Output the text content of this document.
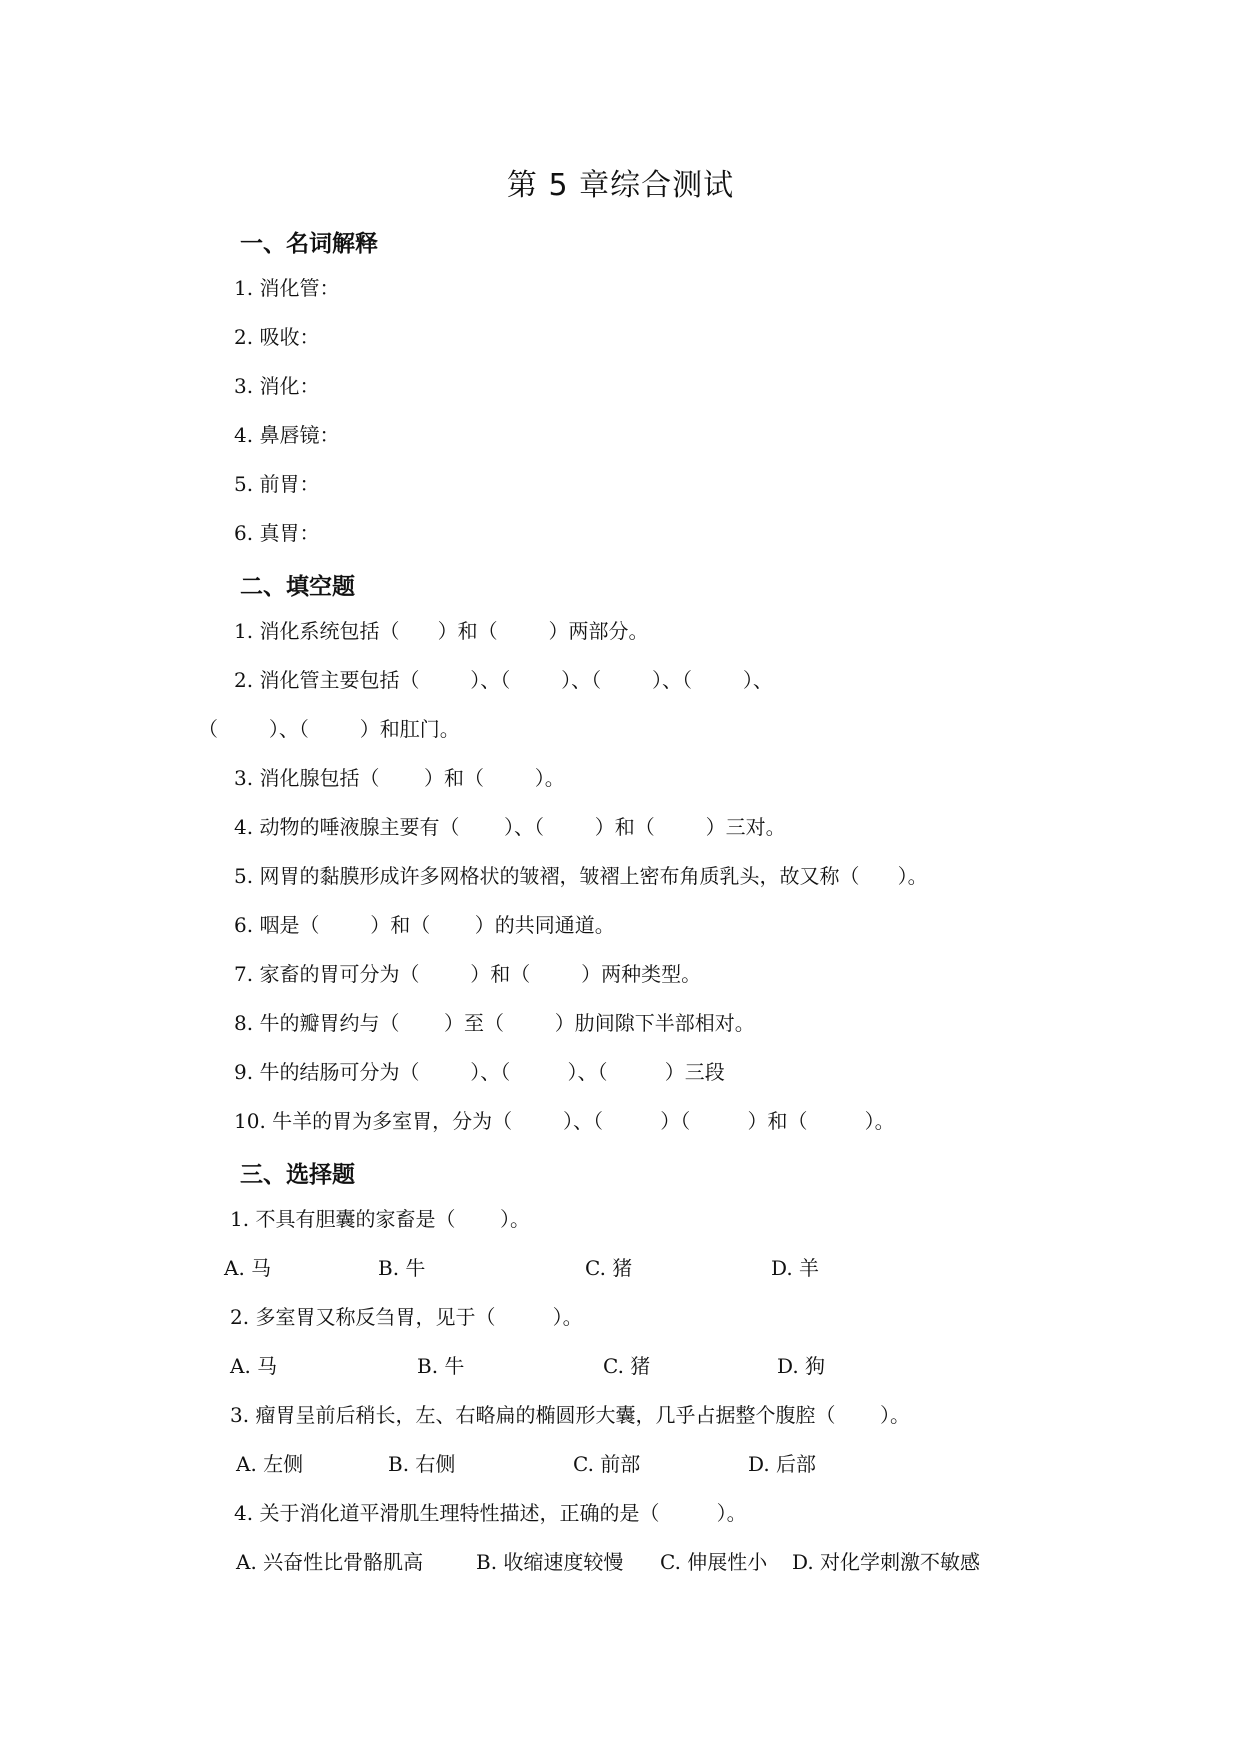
第 5 章综合测试
一、名词解释
1. 消化管：
2. 吸收：
3. 消化：
4. 鼻唇镜：
5. 前胃：
6. 真胃：
二、填空题
1. 消化系统包括（      ）和（        ）两部分。
2. 消化管主要包括（        ）、（        ）、（        ）、（        ）、
（        ）、（        ）和肛门。
3. 消化腺包括（       ）和（        ）。
4. 动物的唾液腺主要有（       ）、（        ）和（        ）三对。
5. 网胃的黏膜形成许多网格状的皱褶，皱褶上密布角质乳头，故又称（      ）。
6. 咽是（        ）和（       ）的共同通道。
7. 家畜的胃可分为（        ）和（        ）两种类型。
8. 牛的瓣胃约与（       ）至（        ）肋间隙下半部相对。
9. 牛的结肠可分为（        ）、（         ）、（         ）三段
10. 牛羊的胃为多室胃，分为（        ）、（         ）（         ）和（         ）。
三、选择题
1. 不具有胆囊的家畜是（       ）。
A. 马	B. 牛	C. 猪	D. 羊
2. 多室胃又称反刍胃，见于（         ）。
A. 马	B. 牛	C. 猪	D. 狗
3. 瘤胃呈前后稍长，左、右略扁的椭圆形大囊，几乎占据整个腹腔（       ）。
A. 左侧	B. 右侧	C. 前部	D. 后部
4. 关于消化道平滑肌生理特性描述，正确的是（         ）。
A. 兴奋性比骨骼肌高	B. 收缩速度较慢 C. 伸展性小 D. 对化学刺激不敏感
